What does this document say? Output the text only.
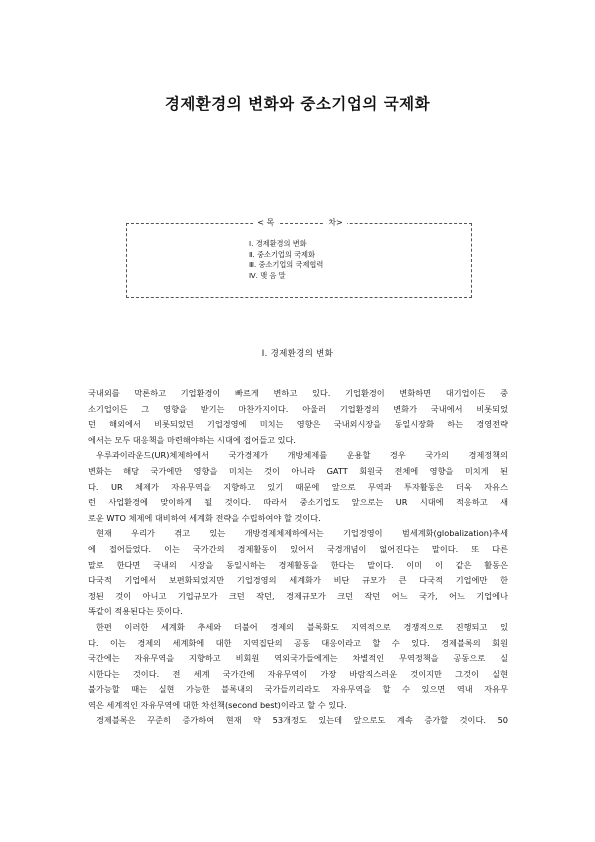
경제환경의 변화와 중소기업의 국제화
< 목	차>
Ⅰ. 경제환경의 변화
Ⅱ. 중소기업의 국제화
Ⅲ. 중소기업의 국제협력
Ⅳ. 맺 음 말
Ⅰ. 경제환경의 변화
국내외를 막론하고 기업환경이 빠르게 변하고 있다. 기업환경이 변화하면 대기업이든 중
소기업이든 그 영향을 받기는 마찬가지이다. 아울러 기업환경의 변화가 국내에서 비롯되었
던 해외에서 비롯되었던 기업경영에 미치는 영향은 국내외시장을 동일시장화 하는 경영전략
에서는 모두 대응책을 마련해야하는 시대에 접어들고 있다.
우루과이라운드(UR)체제하에서 국가경제가 개방체제를 운용할 경우 국가의 경제정책의
변화는 해당 국가에만 영향을 미치는 것이 아니라 GATT 회원국 전체에 영향을 미치게 된
다. UR 체제가 자유무역을 지향하고 있기 때문에 앞으로 무역과 투자활동은 더욱 자유스
런 사업환경에 맞이하게 될 것이다. 따라서 중소기업도 앞으로는 UR 시대에 적응하고 새
로운 WTO 체제에 대비하여 세계화 전략을 수립하여야 할 것이다.
현재 우리가 겪고 있는 개방경제체제하에서는 기업경영이 범세계화(globalization)추세
에 접어들었다. 이는 국가간의 경제활동이 있어서 국경개념이 없어진다는 말이다. 또 다른
말로 한다면 국내의 시장을 동일시하는 경제활동을 한다는 말이다. 이미 이 같은 활동은
다국적 기업에서 보편화되었지만 기업경영의 세계화가 비단 규모가 큰 다국적 기업에만 한
정된 것이 아니고 기업규모가 크던 작던, 경제규모가 크던 작던 어느 국가, 어느 기업에나
똑같이 적용된다는 뜻이다.
한편 이러한 세계화 추세와 더불어 경제의 블록화도 지역적으로 경쟁적으로 진행되고 있
다. 이는 경제의 세계화에 대한 지역집단의 공동 대응이라고 할 수 있다. 경제블록의 회원
국간에는 자유무역을 지향하고 비회원 역외국가들에게는 차별적인 무역정책을 공동으로 실
시한다는 것이다. 전 세계 국가간에 자유무역이 가장 바람직스러운 것이지만 그것이 실현
불가능할 때는 실현 가능한 블록내의 국가들끼리라도 자유무역을 할 수 있으면 역내 자유무
역은 세계적인 자유무역에 대한 차선책(second best)이라고 할 수 있다.
경제블록은 꾸준히 증가하여 현재 약 53개정도 있는데 앞으로도 계속 증가할 것이다. 50
